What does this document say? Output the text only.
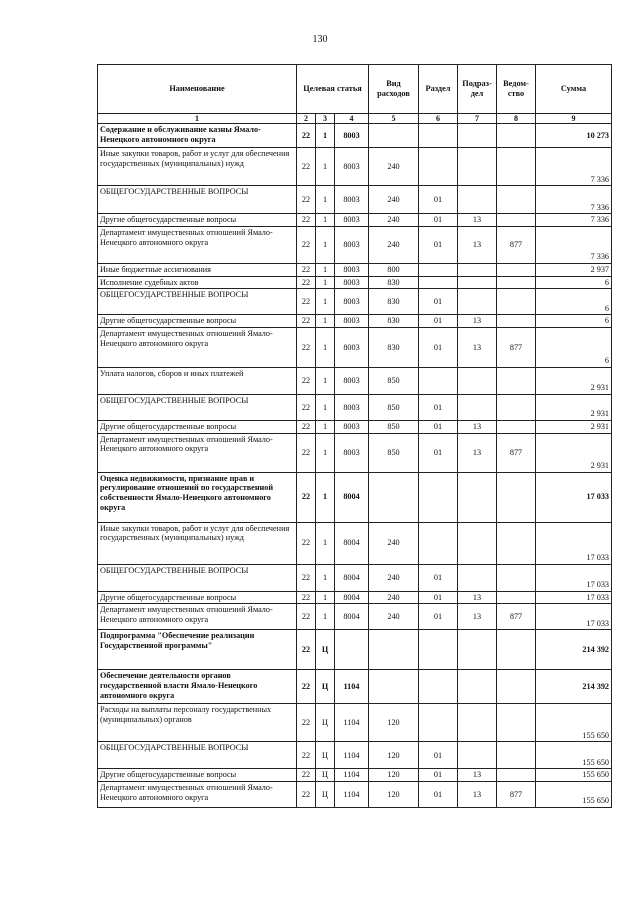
130
Наименование	Целевая статья			Вид расходов	Раздел	Подраз-дел	Ведом-ство	Сумма
1	2	3	4	5	6	7	8	9
Содержание и обслуживание казны Ямало-Ненецкого автономного округа	22	1	8003					10 273
Иные закупки товаров, работ и услуг для обеспечения государственных (муниципальных) нужд	22	1	8003	240				7 336
ОБЩЕГОСУДАРСТВЕННЫЕ ВОПРОСЫ	22	1	8003	240	01			7 336
Другие общегосударственные вопросы	22	1	8003	240	01	13		7 336
Департамент имущественных отношений Ямало-Ненецкого автономного округа	22	1	8003	240	01	13	877	7 336
Иные бюджетные ассигнования	22	1	8003	800				2 937
Исполнение судебных актов	22	1	8003	830				6
ОБЩЕГОСУДАРСТВЕННЫЕ ВОПРОСЫ	22	1	8003	830	01			6
Другие общегосударственные вопросы	22	1	8003	830	01	13		6
Департамент имущественных отношений Ямало-Ненецкого автономного округа	22	1	8003	830	01	13	877	6
Уплата налогов, сборов и иных платежей	22	1	8003	850				2 931
ОБЩЕГОСУДАРСТВЕННЫЕ ВОПРОСЫ	22	1	8003	850	01			2 931
Другие общегосударственные вопросы	22	1	8003	850	01	13		2 931
Департамент имущественных отношений Ямало-Ненецкого автономного округа	22	1	8003	850	01	13	877	2 931
Оценка недвижимости, признание прав и регулирование отношений по государственной собственности Ямало-Ненецкого автономного округа	22	1	8004					17 033
Иные закупки товаров, работ и услуг для обеспечения государственных (муниципальных) нужд	22	1	8004	240				17 033
ОБЩЕГОСУДАРСТВЕННЫЕ ВОПРОСЫ	22	1	8004	240	01			17 033
Другие общегосударственные вопросы	22	1	8004	240	01	13		17 033
Департамент имущественных отношений Ямало-Ненецкого автономного округа	22	1	8004	240	01	13	877	17 033
Подпрограмма "Обеспечение реализации Государственной программы"	22	Ц						214 392
Обеспечение деятельности органов государственной власти Ямало-Ненецкого автономного округа	22	Ц	1104					214 392
Расходы на выплаты персоналу государственных (муниципальных) органов	22	Ц	1104	120				155 650
ОБЩЕГОСУДАРСТВЕННЫЕ ВОПРОСЫ	22	Ц	1104	120	01			155 650
Другие общегосударственные вопросы	22	Ц	1104	120	01	13		155 650
Департамент имущественных отношений Ямало-Ненецкого автономного округа	22	Ц	1104	120	01	13	877	155 650
